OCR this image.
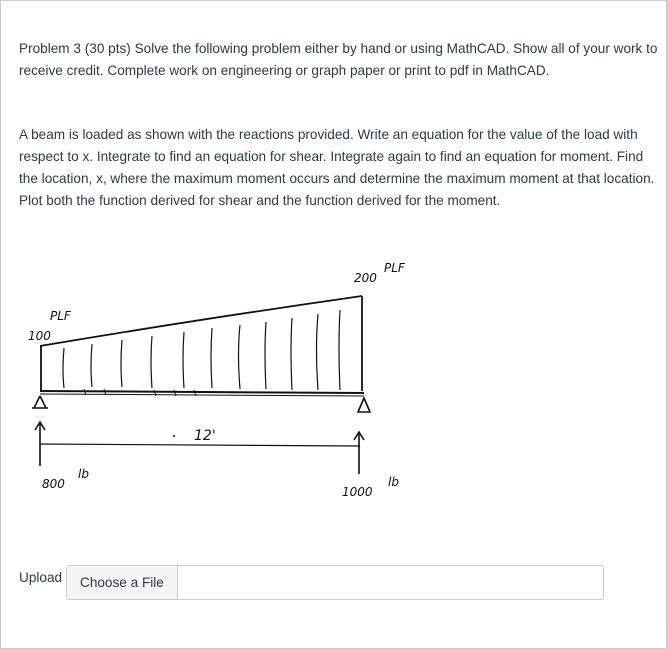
Problem 3 (30 pts) Solve the following problem either by hand or using MathCAD. Show all of your work to receive credit. Complete work on engineering or graph paper or print to pdf in MathCAD.

A beam is loaded as shown with the reactions provided. Write an equation for the value of the load with respect to x. Integrate to find an equation for shear. Integrate again to find an equation for moment. Find the location, x, where the maximum moment occurs and determine the maximum moment at that location. Plot both the function derived for shear and the function derived for the moment.

200
PLF
PLF
100
12'
800
lb
1000
lb
Upload	Choose a File
